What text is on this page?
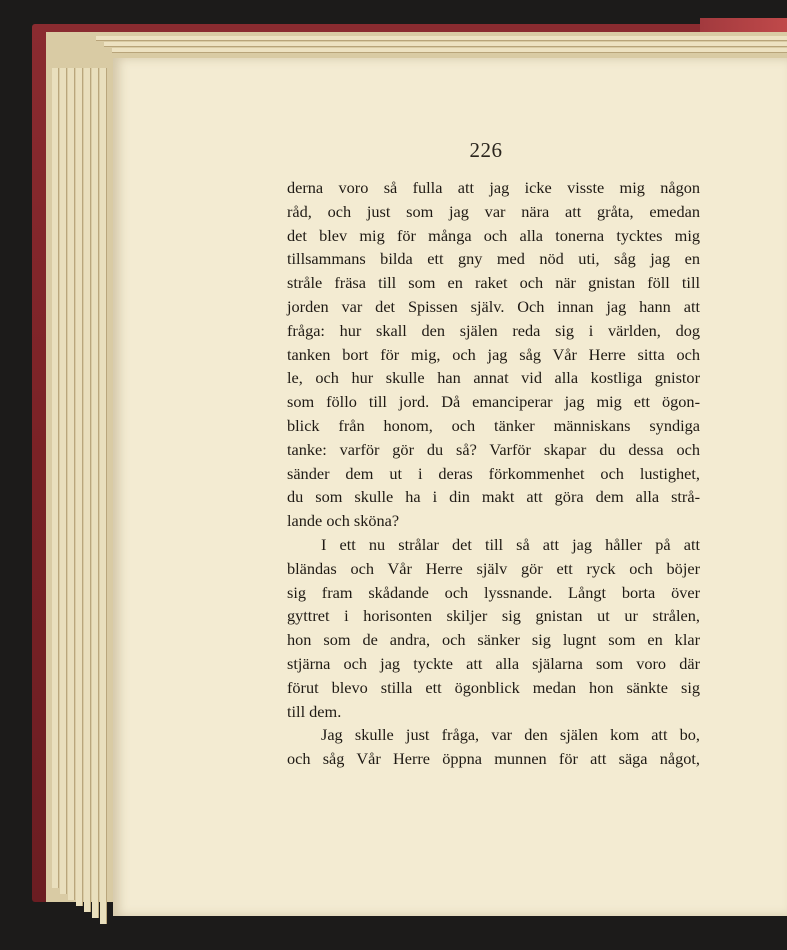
226
derna voro så fulla att jag icke visste mig någon
råd, och just som jag var nära att gråta, emedan
det blev mig för många och alla tonerna tycktes mig
tillsammans bilda ett gny med nöd uti, såg jag en
stråle fräsa till som en raket och när gnistan föll till
jorden var det Spissen själv. Och innan jag hann att
fråga: hur skall den själen reda sig i världen, dog
tanken bort för mig, och jag såg Vår Herre sitta och
le, och hur skulle han annat vid alla kostliga gnistor
som föllo till jord. Då emanciperar jag mig ett ögon-
blick från honom, och tänker människans syndiga
tanke: varför gör du så? Varför skapar du dessa och
sänder dem ut i deras förkommenhet och lustighet,
du som skulle ha i din makt att göra dem alla strå-
lande och sköna?
I ett nu strålar det till så att jag håller på att
bländas och Vår Herre själv gör ett ryck och böjer
sig fram skådande och lyssnande. Långt borta över
gyttret i horisonten skiljer sig gnistan ut ur strålen,
hon som de andra, och sänker sig lugnt som en klar
stjärna och jag tyckte att alla själarna som voro där
förut blevo stilla ett ögonblick medan hon sänkte sig
till dem.
Jag skulle just fråga, var den själen kom att bo,
och såg Vår Herre öppna munnen för att säga något,
